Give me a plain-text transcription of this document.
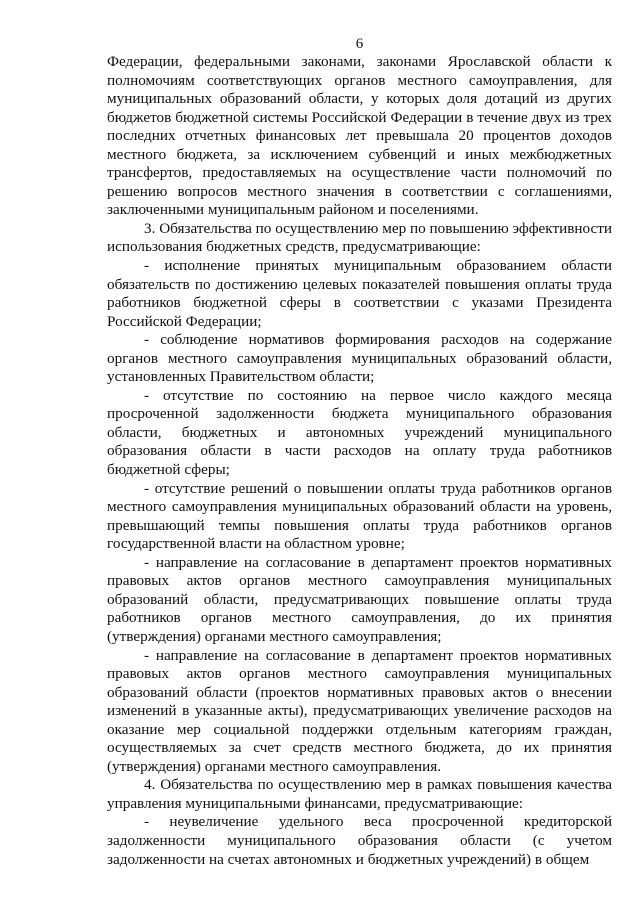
6

Федерации, федеральными законами, законами Ярославской области к полномочиям соответствующих органов местного самоуправления, для муниципальных образований области, у которых доля дотаций из других бюджетов бюджетной системы Российской Федерации в течение двух из трех последних отчетных финансовых лет превышала 20 процентов доходов местного бюджета, за исключением субвенций и иных межбюджетных трансфертов, предоставляемых на осуществление части полномочий по решению вопросов местного значения в соответствии с соглашениями, заключенными муниципальным районом и поселениями.

3. Обязательства по осуществлению мер по повышению эффективности использования бюджетных средств, предусматривающие:

- исполнение принятых муниципальным образованием области обязательств по достижению целевых показателей повышения оплаты труда работников бюджетной сферы в соответствии с указами Президента Российской Федерации;

- соблюдение нормативов формирования расходов на содержание органов местного самоуправления муниципальных образований области, установленных Правительством области;

- отсутствие по состоянию на первое число каждого месяца просроченной задолженности бюджета муниципального образования области, бюджетных и автономных учреждений муниципального образования области в части расходов на оплату труда работников бюджетной сферы;

- отсутствие решений о повышении оплаты труда работников органов местного самоуправления муниципальных образований области на уровень, превышающий темпы повышения оплаты труда работников органов государственной власти на областном уровне;

- направление на согласование в департамент проектов нормативных правовых актов органов местного самоуправления муниципальных образований области, предусматривающих повышение оплаты труда работников органов местного самоуправления, до их принятия (утверждения) органами местного самоуправления;

- направление на согласование в департамент проектов нормативных правовых актов органов местного самоуправления муниципальных образований области (проектов нормативных правовых актов о внесении изменений в указанные акты), предусматривающих увеличение расходов на оказание мер социальной поддержки отдельным категориям граждан, осуществляемых за счет средств местного бюджета, до их принятия (утверждения) органами местного самоуправления.

4. Обязательства по осуществлению мер в рамках повышения качества управления муниципальными финансами, предусматривающие:

- неувеличение удельного веса просроченной кредиторской задолженности муниципального образования области (с учетом задолженности на счетах автономных и бюджетных учреждений) в общем
